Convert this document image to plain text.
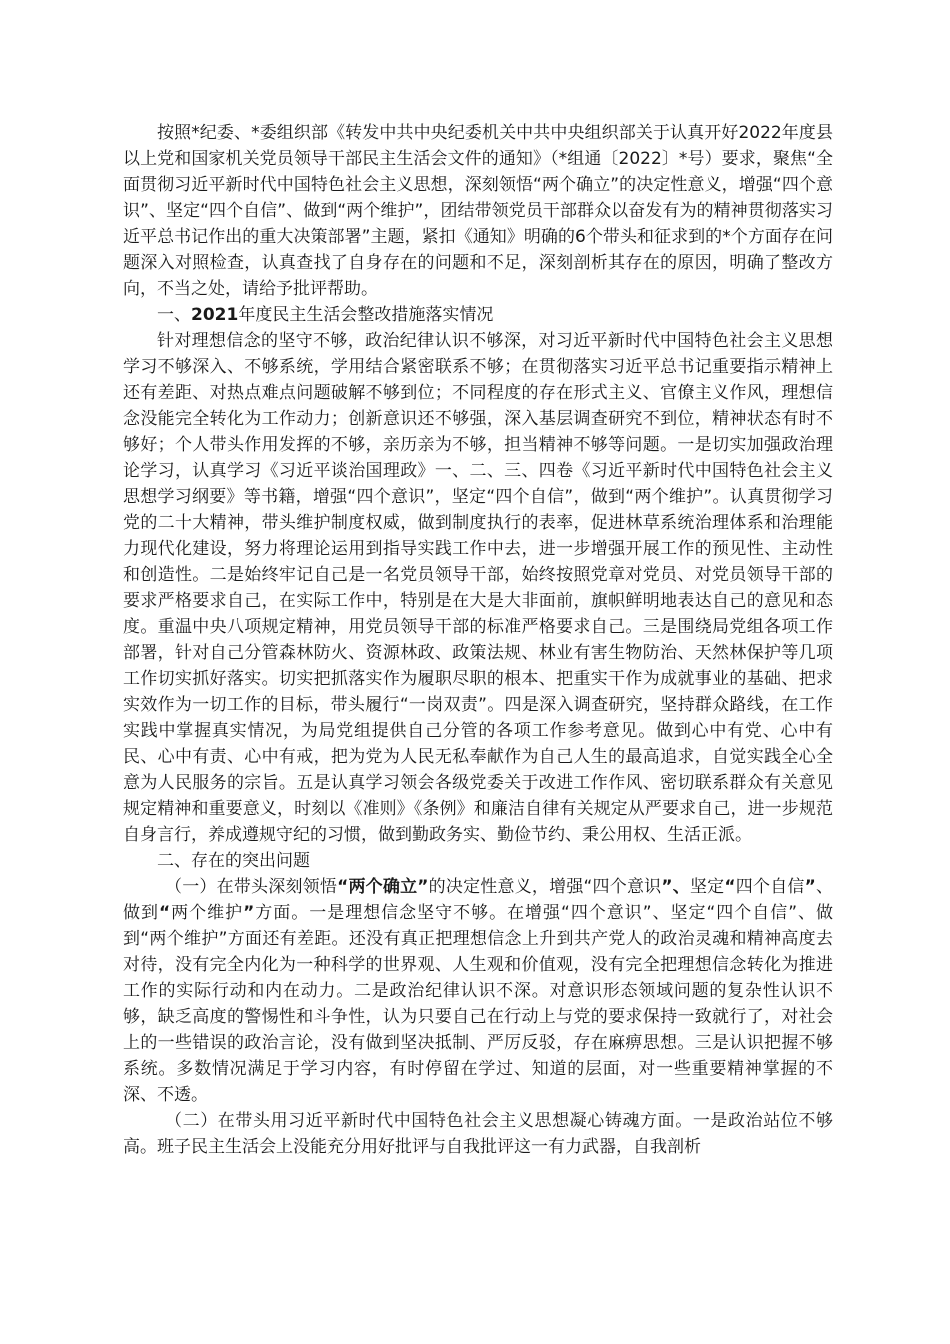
按照*纪委、*委组织部《转发中共中央纪委机关中共中央组织部关于认真开好2022年度县以上党和国家机关党员领导干部民主生活会文件的通知》（*组通〔2022〕*号）要求，聚焦“全面贯彻习近平新时代中国特色社会主义思想，深刻领悟“两个确立”的决定性意义，增强“四个意识”、坚定“四个自信”、做到“两个维护”，团结带领党员干部群众以奋发有为的精神贯彻落实习近平总书记作出的重大决策部署”主题，紧扣《通知》明确的6个带头和征求到的*个方面存在问题深入对照检查，认真查找了自身存在的问题和不足，深刻剖析其存在的原因，明确了整改方向，不当之处，请给予批评帮助。

一、2021年度民主生活会整改措施落实情况

针对理想信念的坚守不够，政治纪律认识不够深，对习近平新时代中国特色社会主义思想学习不够深入、不够系统，学用结合紧密联系不够；在贯彻落实习近平总书记重要指示精神上还有差距、对热点难点问题破解不够到位；不同程度的存在形式主义、官僚主义作风，理想信念没能完全转化为工作动力；创新意识还不够强，深入基层调查研究不到位，精神状态有时不够好；个人带头作用发挥的不够，亲历亲为不够，担当精神不够等问题。一是切实加强政治理论学习，认真学习《习近平谈治国理政》一、二、三、四卷《习近平新时代中国特色社会主义思想学习纲要》等书籍，增强“四个意识”，坚定“四个自信”，做到“两个维护”。认真贯彻学习党的二十大精神，带头维护制度权威，做到制度执行的表率，促进林草系统治理体系和治理能力现代化建设，努力将理论运用到指导实践工作中去，进一步增强开展工作的预见性、主动性和创造性。二是始终牢记自己是一名党员领导干部，始终按照党章对党员、对党员领导干部的要求严格要求自己，在实际工作中，特别是在大是大非面前，旗帜鲜明地表达自己的意见和态度。重温中央八项规定精神，用党员领导干部的标准严格要求自己。三是围绕局党组各项工作部署，针对自己分管森林防火、资源林政、政策法规、林业有害生物防治、天然林保护等几项工作切实抓好落实。切实把抓落实作为履职尽职的根本、把重实干作为成就事业的基础、把求实效作为一切工作的目标，带头履行“一岗双责”。四是深入调查研究，坚持群众路线，在工作实践中掌握真实情况，为局党组提供自己分管的各项工作参考意见。做到心中有党、心中有民、心中有责、心中有戒，把为党为人民无私奉献作为自己人生的最高追求，自觉实践全心全意为人民服务的宗旨。五是认真学习领会各级党委关于改进工作作风、密切联系群众有关意见规定精神和重要意义，时刻以《准则》《条例》和廉洁自律有关规定从严要求自己，进一步规范自身言行，养成遵规守纪的习惯，做到勤政务实、勤俭节约、秉公用权、生活正派。

二、存在的突出问题

（一）在带头深刻领悟“两个确立”的决定性意义，增强“四个意识”、坚定“四个自信”、做到“两个维护”方面。一是理想信念坚守不够。在增强“四个意识”、坚定“四个自信”、做到“两个维护”方面还有差距。还没有真正把理想信念上升到共产党人的政治灵魂和精神高度去对待，没有完全内化为一种科学的世界观、人生观和价值观，没有完全把理想信念转化为推进工作的实际行动和内在动力。二是政治纪律认识不深。对意识形态领域问题的复杂性认识不够，缺乏高度的警惕性和斗争性，认为只要自己在行动上与党的要求保持一致就行了，对社会上的一些错误的政治言论，没有做到坚决抵制、严厉反驳，存在麻痹思想。三是认识把握不够系统。多数情况满足于学习内容，有时停留在学过、知道的层面，对一些重要精神掌握的不深、不透。

（二）在带头用习近平新时代中国特色社会主义思想凝心铸魂方面。一是政治站位不够高。班子民主生活会上没能充分用好批评与自我批评这一有力武器，自我剖析
